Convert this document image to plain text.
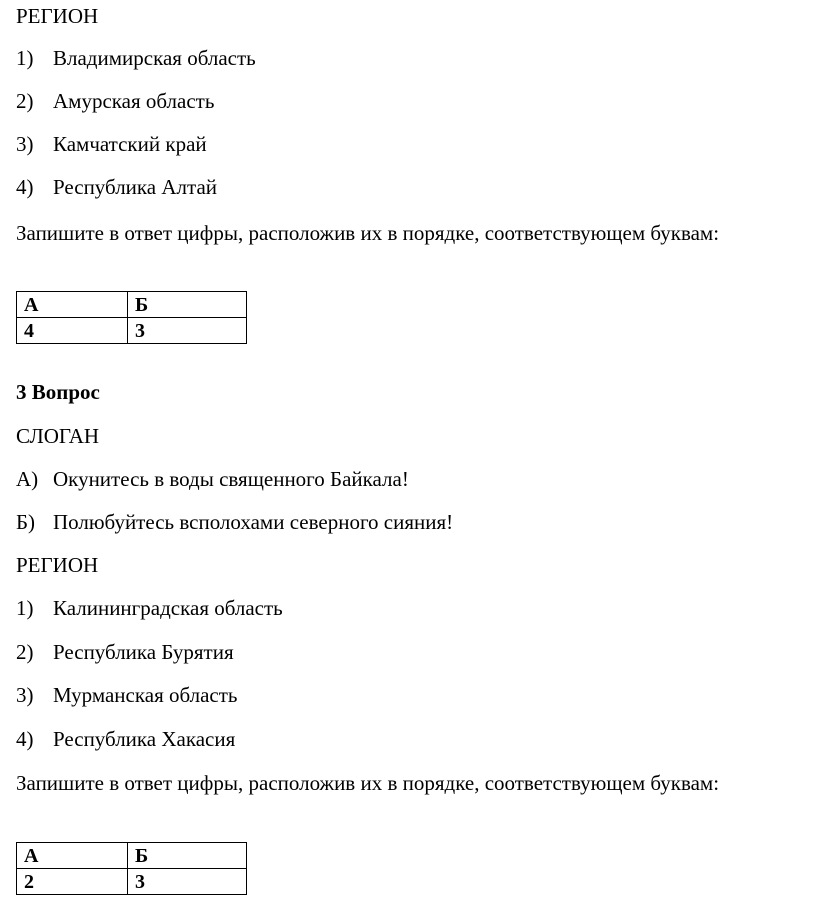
РЕГИОН
1) Владимирская область
2) Амурская область
3) Камчатский край
4) Республика Алтай
Запишите в ответ цифры, расположив их в порядке, соответствующем буквам:
А	Б
4	3
3 Вопрос
СЛОГАН
А) Окунитесь в воды священного Байкала!
Б) Полюбуйтесь всполохами северного сияния!
РЕГИОН
1) Калининградская область
2) Республика Бурятия
3) Мурманская область
4) Республика Хакасия
Запишите в ответ цифры, расположив их в порядке, соответствующем буквам:
А	Б
2	3
